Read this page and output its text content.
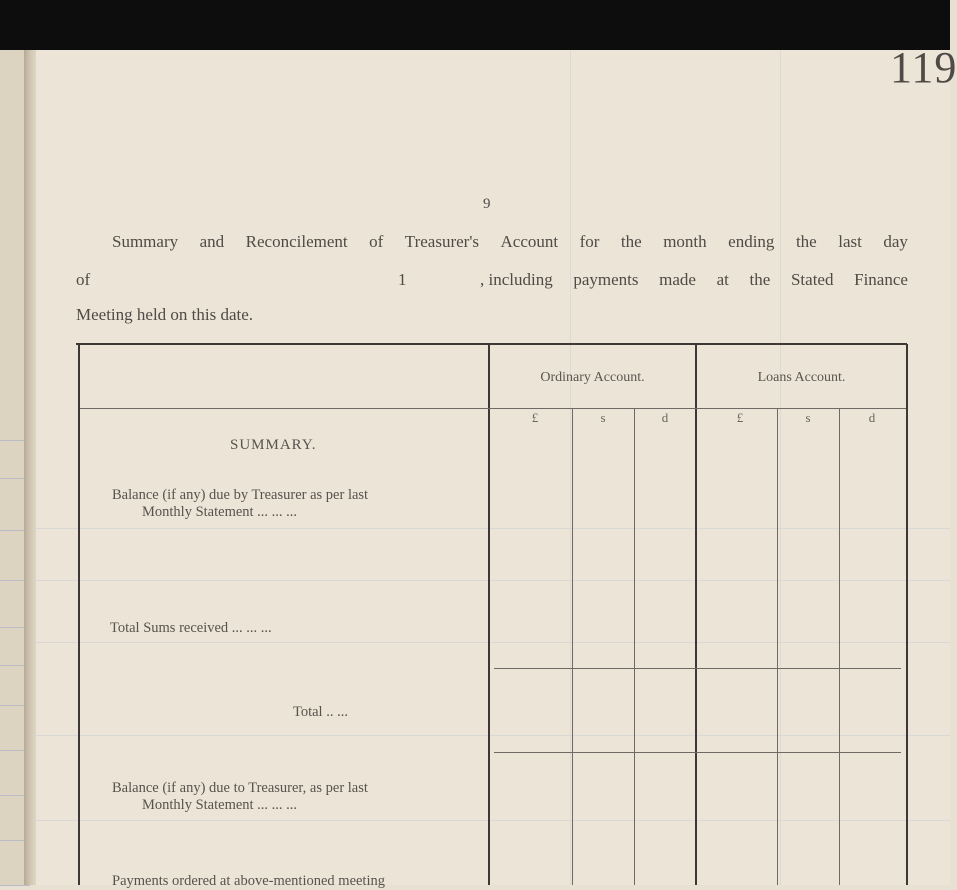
119
9
Summary and Reconcilement of Treasurer's Account for the month ending the last day
of	1	, including payments made at the Stated Finance
Meeting held on this date.
Ordinary Account.	Loans Account.
£	s	d	£	s	d
SUMMARY.
Balance (if any) due by Treasurer as per last
Monthly Statement ... ... ...
Total Sums received ... ... ...
Total .. ...
Balance (if any) due to Treasurer, as per last
Monthly Statement ... ... ...
Payments ordered at above-mentioned meeting
